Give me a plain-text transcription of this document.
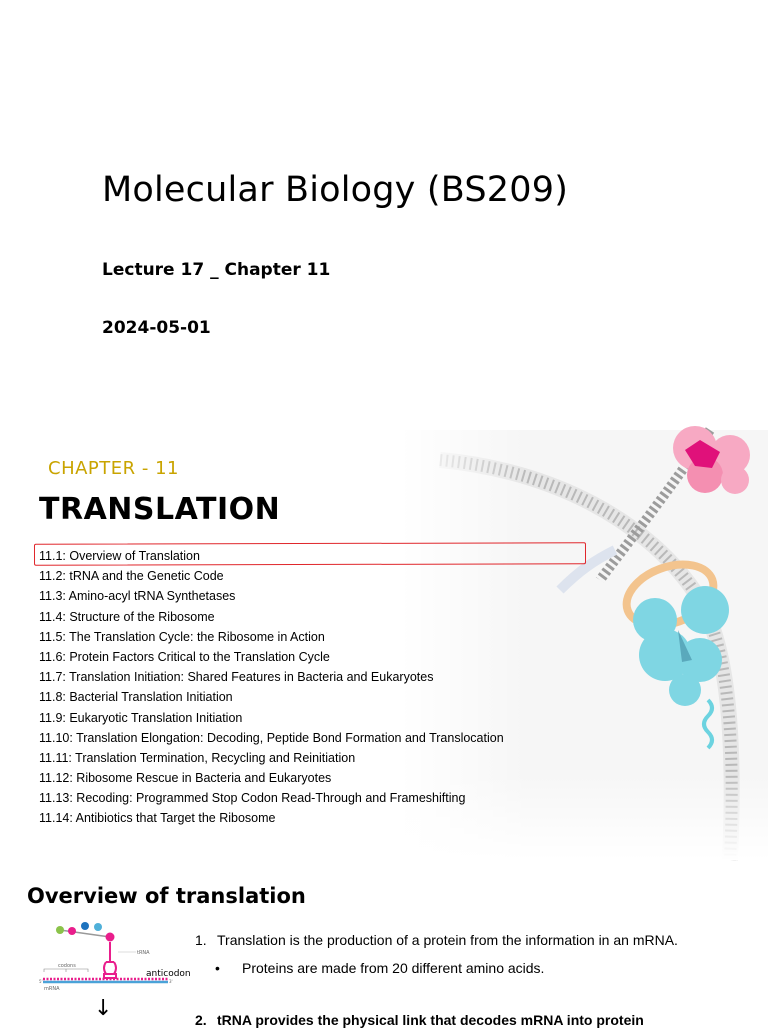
Molecular Biology (BS209)
Lecture 17 _ Chapter 11
2024-05-01
CHAPTER - 11
TRANSLATION
11.1: Overview of Translation
11.2: tRNA and the Genetic Code
11.3: Amino-acyl tRNA Synthetases
11.4: Structure of the Ribosome
11.5: The Translation Cycle: the Ribosome in Action
11.6: Protein Factors Critical to the Translation Cycle
11.7: Translation Initiation: Shared Features in Bacteria and Eukaryotes
11.8: Bacterial Translation Initiation
11.9: Eukaryotic Translation Initiation
11.10: Translation Elongation: Decoding, Peptide Bond Formation and Translocation
11.11: Translation Termination, Recycling and Reinitiation
11.12: Ribosome Rescue in Bacteria and Eukaryotes
11.13: Recoding: Programmed Stop Codon Read-Through and Frameshifting
11.14: Antibiotics that Target the Ribosome
Overview of translation
tRNA
codons
5'	3'
mRNA
anticodon
↓
1. Translation is the production of a protein from the information in an mRNA.
• Proteins are made from 20 different amino acids.
2. tRNA provides the physical link that decodes mRNA into protein
